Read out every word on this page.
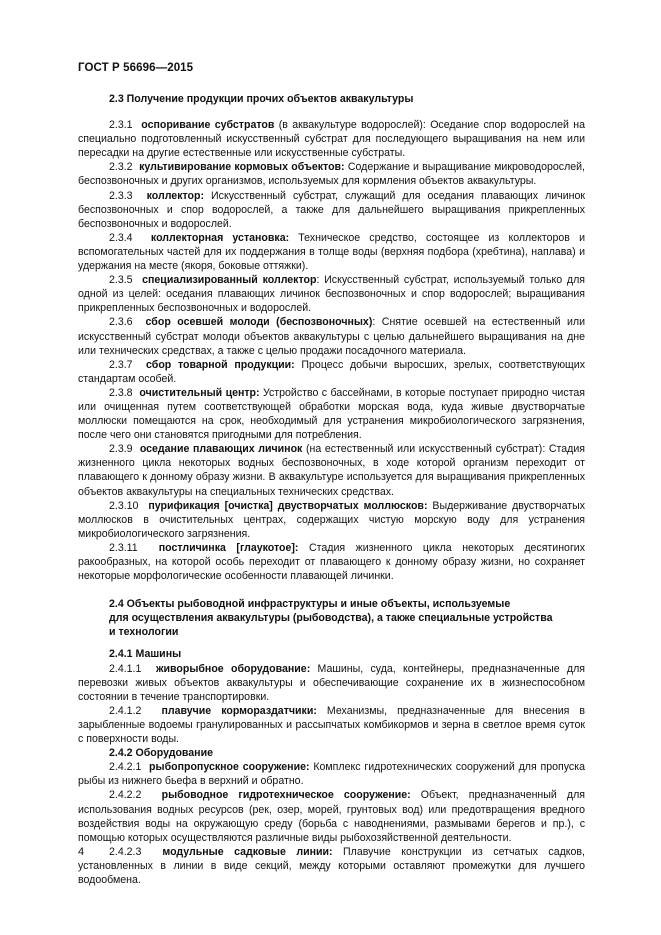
ГОСТ Р 56696—2015
2.3 Получение продукции прочих объектов аквакультуры

2.3.1 оспоривание субстратов (в аквакультуре водорослей): Оседание спор водорослей на специально подготовленный искусственный субстрат для последующего выращивания на нем или пересадки на другие естественные или искусственные субстраты.

2.3.2 культивирование кормовых объектов: Содержание и выращивание микроводорослей, беспозвоночных и других организмов, используемых для кормления объектов аквакультуры.

2.3.3 коллектор: Искусственный субстрат, служащий для оседания плавающих личинок беспозвоночных и спор водорослей, а также для дальнейшего выращивания прикрепленных беспозвоночных и водорослей.

2.3.4 коллекторная установка: Техническое средство, состоящее из коллекторов и вспомогательных частей для их поддержания в толще воды (верхняя подбора (хребтина), наплава) и удержания на месте (якоря, боковые оттяжки).

2.3.5 специализированный коллектор: Искусственный субстрат, используемый только для одной из целей: оседания плавающих личинок беспозвоночных и спор водорослей; выращивания прикрепленных беспозвоночных и водорослей.

2.3.6 сбор осевшей молоди (беспозвоночных): Снятие осевшей на естественный или искусственный субстрат молоди объектов аквакультуры с целью дальнейшего выращивания на дне или технических средствах, а также с целью продажи посадочного материала.

2.3.7 сбор товарной продукции: Процесс добычи выросших, зрелых, соответствующих стандартам особей.

2.3.8 очистительный центр: Устройство с бассейнами, в которые поступает природно чистая или очищенная путем соответствующей обработки морская вода, куда живые двустворчатые моллюски помещаются на срок, необходимый для устранения микробиологического загрязнения, после чего они становятся пригодными для потребления.

2.3.9 оседание плавающих личинок (на естественный или искусственный субстрат): Стадия жизненного цикла некоторых водных беспозвоночных, в ходе которой организм переходит от плавающего к донному образу жизни. В аквакультуре используется для выращивания прикрепленных объектов аквакультуры на специальных технических средствах.

2.3.10 пурификация [очистка] двустворчатых моллюсков: Выдерживание двустворчатых моллюсков в очистительных центрах, содержащих чистую морскую воду для устранения микробиологического загрязнения.

2.3.11 постличинка [глаукотое]: Стадия жизненного цикла некоторых десятиногих ракообразных, на которой особь переходит от плавающего к донному образу жизни, но сохраняет некоторые морфологические особенности плавающей личинки.

2.4 Объекты рыбоводной инфраструктуры и иные объекты, используемые
для осуществления аквакультуры (рыбоводства), а также специальные устройства
и технологии
2.4.1 Машины

2.4.1.1 живорыбное оборудование: Машины, суда, контейнеры, предназначенные для перевозки живых объектов аквакультуры и обеспечивающие сохранение их в жизнеспособном состоянии в течение транспортировки.

2.4.1.2 плавучие кормораздатчики: Механизмы, предназначенные для внесения в зарыбленные водоемы гранулированных и рассыпчатых комбикормов и зерна в светлое время суток с поверхности воды.

2.4.2 Оборудование

2.4.2.1 рыбопропускное сооружение: Комплекс гидротехнических сооружений для пропуска рыбы из нижнего бьефа в верхний и обратно.

2.4.2.2 рыбоводное гидротехническое сооружение: Объект, предназначенный для использования водных ресурсов (рек, озер, морей, грунтовых вод) или предотвращения вредного воздействия воды на окружающую среду (борьба с наводнениями, размывами берегов и пр.), с помощью которых осуществляются различные виды рыбохозяйственной деятельности.

2.4.2.3 модульные садковые линии: Плавучие конструкции из сетчатых садков, установленных в линии в виде секций, между которыми оставляют промежутки для лучшего водообмена.

4
